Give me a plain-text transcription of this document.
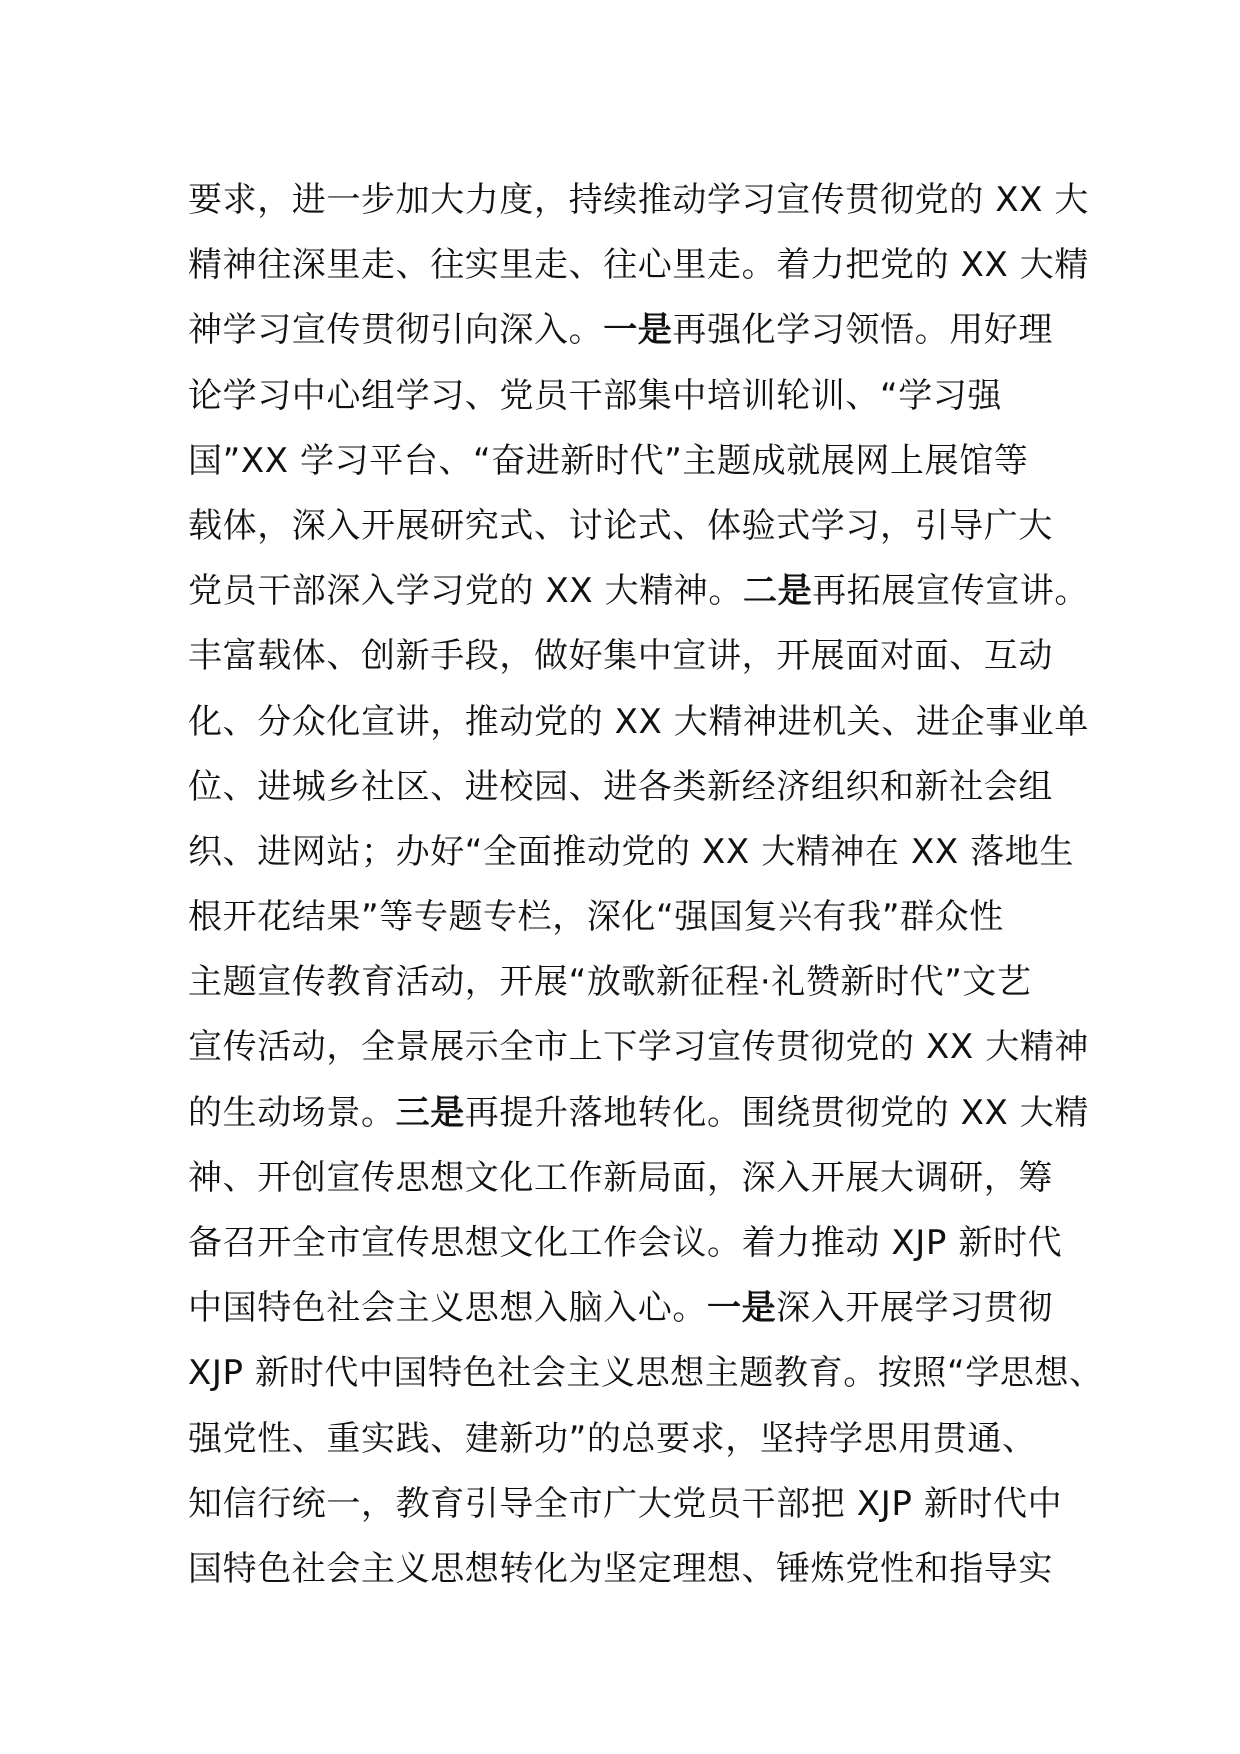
要求，进一步加大力度，持续推动学习宣传贯彻党的 XX 大
精神往深里走、往实里走、往心里走。着力把党的 XX 大精
神学习宣传贯彻引向深入。一是再强化学习领悟。用好理
论学习中心组学习、党员干部集中培训轮训、“学习强
国”XX 学习平台、“奋进新时代”主题成就展网上展馆等
载体，深入开展研究式、讨论式、体验式学习，引导广大
党员干部深入学习党的 XX 大精神。二是再拓展宣传宣讲。
丰富载体、创新手段，做好集中宣讲，开展面对面、互动
化、分众化宣讲，推动党的 XX 大精神进机关、进企事业单
位、进城乡社区、进校园、进各类新经济组织和新社会组
织、进网站；办好“全面推动党的 XX 大精神在 XX 落地生
根开花结果”等专题专栏，深化“强国复兴有我”群众性
主题宣传教育活动，开展“放歌新征程·礼赞新时代”文艺
宣传活动，全景展示全市上下学习宣传贯彻党的 XX 大精神
的生动场景。三是再提升落地转化。围绕贯彻党的 XX 大精
神、开创宣传思想文化工作新局面，深入开展大调研，筹
备召开全市宣传思想文化工作会议。着力推动 XJP 新时代
中国特色社会主义思想入脑入心。一是深入开展学习贯彻
XJP 新时代中国特色社会主义思想主题教育。按照“学思想、
强党性、重实践、建新功”的总要求，坚持学思用贯通、
知信行统一，教育引导全市广大党员干部把 XJP 新时代中
国特色社会主义思想转化为坚定理想、锤炼党性和指导实
